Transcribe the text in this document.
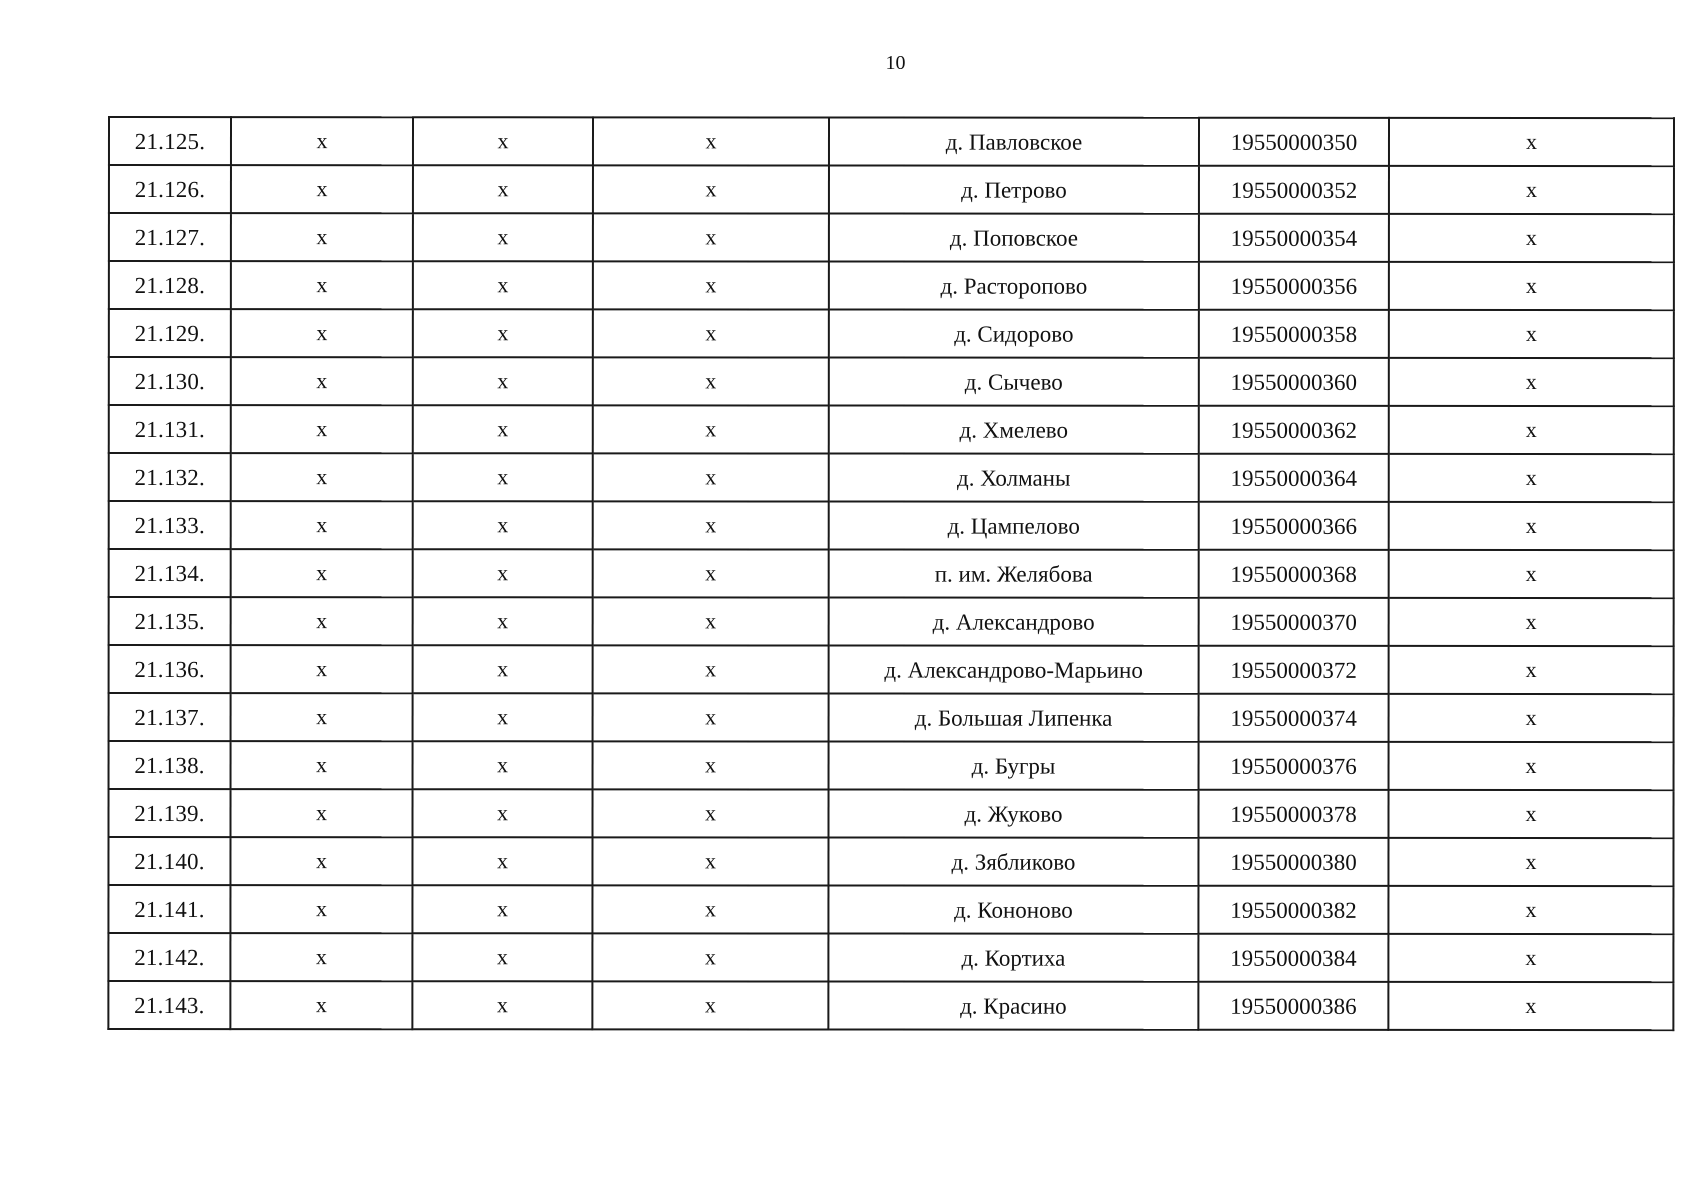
10
21.125.	x	x	x	д. Павловское	19550000350	x
21.126.	x	x	x	д. Петрово	19550000352	x
21.127.	x	x	x	д. Поповское	19550000354	x
21.128.	x	x	x	д. Расторопово	19550000356	x
21.129.	x	x	x	д. Сидорово	19550000358	x
21.130.	x	x	x	д. Сычево	19550000360	x
21.131.	x	x	x	д. Хмелево	19550000362	x
21.132.	x	x	x	д. Холманы	19550000364	x
21.133.	x	x	x	д. Цампелово	19550000366	x
21.134.	x	x	x	п. им. Желябова	19550000368	x
21.135.	x	x	x	д. Александрово	19550000370	x
21.136.	x	x	x	д. Александрово-Марьино	19550000372	x
21.137.	x	x	x	д. Большая Липенка	19550000374	x
21.138.	x	x	x	д. Бугры	19550000376	x
21.139.	x	x	x	д. Жуково	19550000378	x
21.140.	x	x	x	д. Зябликово	19550000380	x
21.141.	x	x	x	д. Кононово	19550000382	x
21.142.	x	x	x	д. Кортиха	19550000384	x
21.143.	x	x	x	д. Красино	19550000386	x
